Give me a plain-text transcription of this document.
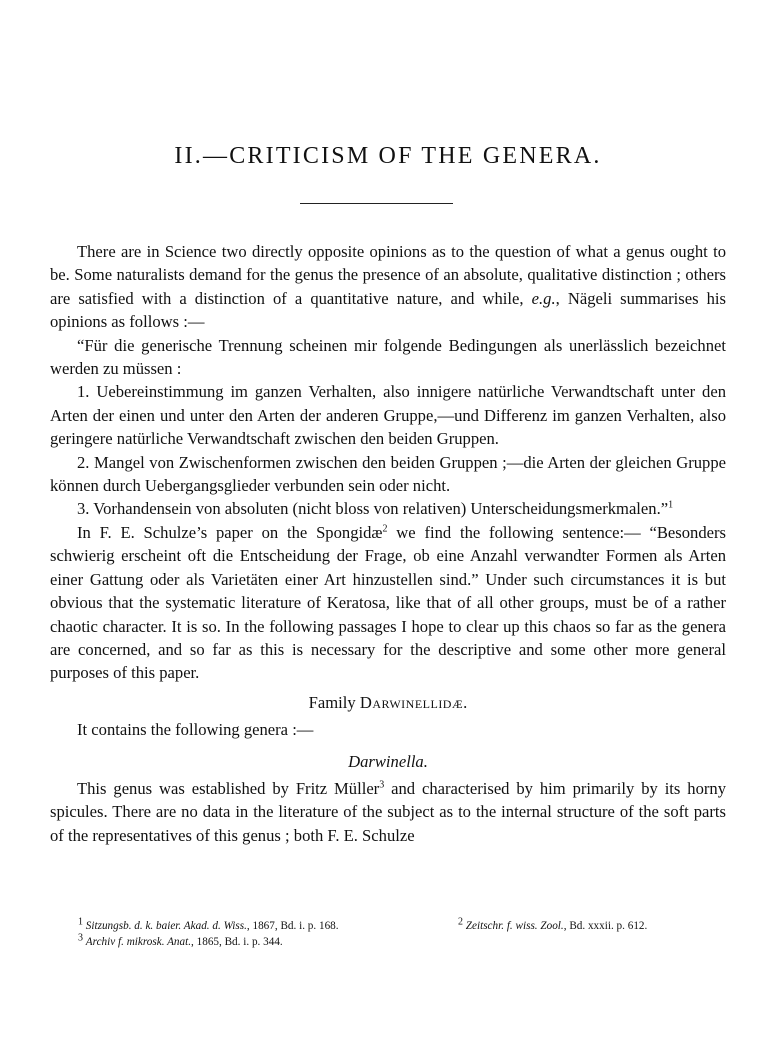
II.—CRITICISM OF THE GENERA.

There are in Science two directly opposite opinions as to the question of what a genus ought to be. Some naturalists demand for the genus the presence of an absolute, qualitative distinction ; others are satisfied with a distinction of a quantitative nature, and while, e.g., Nägeli summarises his opinions as follows :—

“Für die generische Trennung scheinen mir folgende Bedingungen als unerlässlich bezeichnet werden zu müssen :

1. Uebereinstimmung im ganzen Verhalten, also innigere natürliche Verwandtschaft unter den Arten der einen und unter den Arten der anderen Gruppe,—und Differenz im ganzen Verhalten, also geringere natürliche Verwandtschaft zwischen den beiden Gruppen.

2. Mangel von Zwischenformen zwischen den beiden Gruppen ;—die Arten der gleichen Gruppe können durch Uebergangsglieder verbunden sein oder nicht.

3. Vorhandensein von absoluten (nicht bloss von relativen) Unterscheidungsmerkmalen.”$^1$

In F. E. Schulze’s paper on the Spongidæ$^2$ we find the following sentence:— “Besonders schwierig erscheint oft die Entscheidung der Frage, ob eine Anzahl verwandter Formen als Arten einer Gattung oder als Varietäten einer Art hinzustellen sind.” Under such circumstances it is but obvious that the systematic literature of Keratosa, like that of all other groups, must be of a rather chaotic character. It is so. In the following passages I hope to clear up this chaos so far as the genera are concerned, and so far as this is necessary for the descriptive and some other more general purposes of this paper.

Family Darwinellidæ.

It contains the following genera :—

Darwinella.

This genus was established by Fritz Müller$^3$ and characterised by him primarily by its horny spicules. There are no data in the literature of the subject as to the internal structure of the soft parts of the representatives of this genus ; both F. E. Schulze

$^1$ Sitzungsb. d. k. baier. Akad. d. Wiss., 1867, Bd. i. p. 168.	$^2$ Zeitschr. f. wiss. Zool., Bd. xxxii. p. 612.
$^3$ Archiv f. mikrosk. Anat., 1865, Bd. i. p. 344.
